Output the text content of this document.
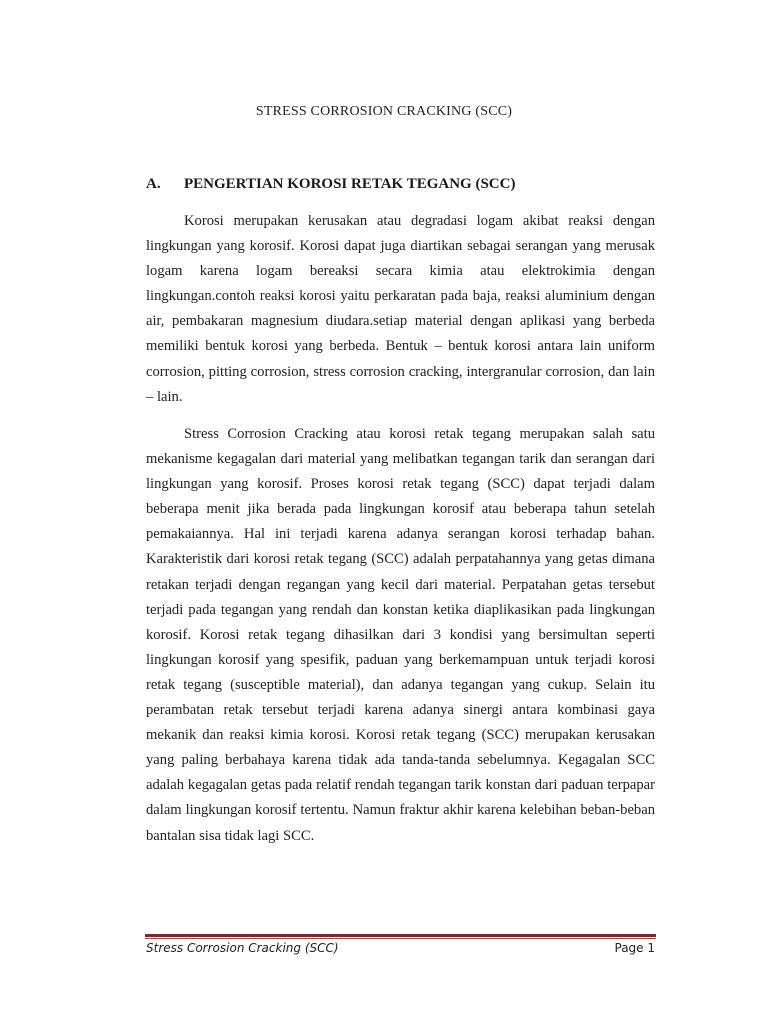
STRESS CORROSION CRACKING (SCC)
A. PENGERTIAN KOROSI RETAK TEGANG (SCC)

Korosi merupakan kerusakan atau degradasi logam akibat reaksi dengan lingkungan yang korosif. Korosi dapat juga diartikan sebagai serangan yang merusak logam karena logam bereaksi secara kimia atau elektrokimia dengan lingkungan.contoh reaksi korosi yaitu perkaratan pada baja, reaksi aluminium dengan air, pembakaran magnesium diudara.setiap material dengan aplikasi yang berbeda memiliki bentuk korosi yang berbeda. Bentuk – bentuk korosi antara lain uniform corrosion, pitting corrosion, stress corrosion cracking, intergranular corrosion, dan lain – lain.

Stress Corrosion Cracking atau korosi retak tegang merupakan salah satu mekanisme kegagalan dari material yang melibatkan tegangan tarik dan serangan dari lingkungan yang korosif. Proses korosi retak tegang (SCC) dapat terjadi dalam beberapa menit jika berada pada lingkungan korosif atau beberapa tahun setelah pemakaiannya. Hal ini terjadi karena adanya serangan korosi terhadap bahan. Karakteristik dari korosi retak tegang (SCC) adalah perpatahannya yang getas dimana retakan terjadi dengan regangan yang kecil dari material. Perpatahan getas tersebut terjadi pada tegangan yang rendah dan konstan ketika diaplikasikan pada lingkungan korosif. Korosi retak tegang dihasilkan dari 3 kondisi yang bersimultan seperti lingkungan korosif yang spesifik, paduan yang berkemampuan untuk terjadi korosi retak tegang (susceptible material), dan adanya tegangan yang cukup. Selain itu perambatan retak tersebut terjadi karena adanya sinergi antara kombinasi gaya mekanik dan reaksi kimia korosi. Korosi retak tegang (SCC) merupakan kerusakan yang paling berbahaya karena tidak ada tanda-tanda sebelumnya. Kegagalan SCC adalah kegagalan getas pada relatif rendah tegangan tarik konstan dari paduan terpapar dalam lingkungan korosif tertentu. Namun fraktur akhir karena kelebihan beban-beban bantalan sisa tidak lagi SCC.

Stress Corrosion Cracking (SCC)	Page 1
